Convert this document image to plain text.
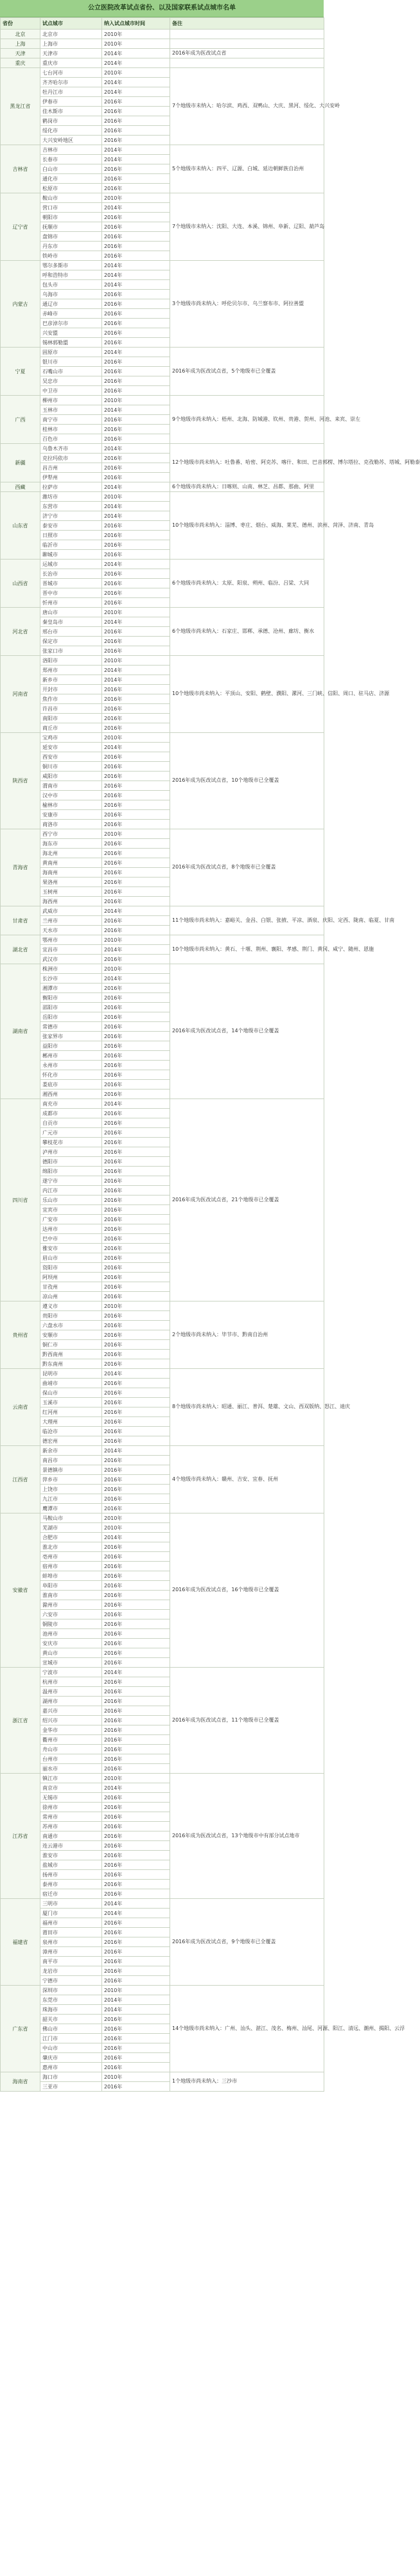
公立医院改革试点省份、以及国家联系试点城市名单
省份	试点城市	纳入试点城市时间	备注
北京	北京市	2010年	
上海	上海市	2010年	
天津	天津市	2014年	2016年成为医改试点省
重庆	重庆市	2014年	
黑龙江省	七台河市	2010年	7个地级市未纳入：哈尔滨、鸡西、双鸭山、大庆、黑河、绥化、大兴安岭
	齐齐哈尔市	2014年	
	牡丹江市	2014年	
	伊春市	2016年	
	佳木斯市	2016年	
	鹤岗市	2016年	
	绥化市	2016年	
	大兴安岭地区	2016年	
吉林省	吉林市	2014年	5个地级市未纳入：四平、辽源、白城、延边朝鲜族自治州
	长春市	2014年	
	白山市	2016年	
	通化市	2016年	
	松原市	2016年	
辽宁省	鞍山市	2010年	7个地级市未纳入：沈阳、大连、本溪、锦州、阜新、辽阳、葫芦岛
	营口市	2014年	
	朝阳市	2016年	
	抚顺市	2016年	
	盘锦市	2016年	
	丹东市	2016年	
	铁岭市	2016年	
内蒙古	鄂尔多斯市	2014年	3个地级市尚未纳入：呼伦贝尔市、乌兰察布市、阿拉善盟
	呼和浩特市	2014年	
	包头市	2014年	
	乌海市	2016年	
	通辽市	2016年	
	赤峰市	2016年	
	巴彦淖尔市	2016年	
	兴安盟	2016年	
	锡林郭勒盟	2016年	
宁夏	固原市	2014年	2016年成为医改试点省，5个地级市已全覆盖
	银川市	2016年	
	石嘴山市	2016年	
	吴忠市	2016年	
	中卫市	2016年	
广西	柳州市	2010年	9个地级市尚未纳入：梧州、北海、防城港、钦州、贵港、贺州、河池、来宾、崇左
	玉林市	2014年	
	南宁市	2016年	
	桂林市	2016年	
	百色市	2016年	
新疆	乌鲁木齐市	2014年	12个地级市尚未纳入：吐鲁番、哈密、阿克苏、喀什、和田、巴音郭楞、博尔塔拉、克孜勒苏、塔城、阿勒泰
	克拉玛依市	2016年	
	昌吉州	2016年	
	伊犁州	2016年	
西藏	拉萨市	2014年	6个地级市尚未纳入：日喀则、山南、林芝、昌都、那曲、阿里
山东省	潍坊市	2010年	10个地级市尚未纳入：淄博、枣庄、烟台、威海、莱芜、德州、滨州、菏泽、济南、青岛
	东营市	2014年	
	济宁市	2014年	
	泰安市	2016年	
	日照市	2016年	
	临沂市	2016年	
	聊城市	2016年	
山西省	运城市	2014年	6个地级市尚未纳入：太原、阳泉、朔州、临汾、吕梁、大同
	长治市	2016年	
	晋城市	2016年	
	晋中市	2016年	
	忻州市	2016年	
河北省	唐山市	2010年	6个地级市尚未纳入：石家庄、邯郸、承德、沧州、廊坊、衡水
	秦皇岛市	2014年	
	邢台市	2016年	
	保定市	2016年	
	张家口市	2016年	
河南省	洛阳市	2010年	10个地级市尚未纳入：平顶山、安阳、鹤壁、濮阳、漯河、三门峡、信阳、周口、驻马店、济源
	郑州市	2014年	
	新乡市	2014年	
	开封市	2016年	
	焦作市	2016年	
	许昌市	2016年	
	南阳市	2016年	
	商丘市	2016年	
陕西省	宝鸡市	2010年	2016年成为医改试点省，10个地级市已全覆盖
	延安市	2014年	
	西安市	2016年	
	铜川市	2016年	
	咸阳市	2016年	
	渭南市	2016年	
	汉中市	2016年	
	榆林市	2016年	
	安康市	2016年	
	商洛市	2016年	
青海省	西宁市	2010年	2016年成为医改试点省，8个地级市已全覆盖
	海东市	2016年	
	海北州	2016年	
	黄南州	2016年	
	海南州	2016年	
	果洛州	2016年	
	玉树州	2016年	
	海西州	2016年	
甘肃省	武威市	2014年	11个地级市尚未纳入：嘉峪关、金昌、白银、张掖、平凉、酒泉、庆阳、定西、陇南、临夏、甘南
	兰州市	2016年	
	天水市	2016年	
湖北省	鄂州市	2010年	10个地级市尚未纳入：黄石、十堰、荆州、襄阳、孝感、荆门、黄冈、咸宁、随州、恩施
	宜昌市	2014年	
	武汉市	2016年	
湖南省	株洲市	2010年	2016年成为医改试点省，14个地级市已全覆盖
	长沙市	2014年	
	湘潭市	2016年	
	衡阳市	2016年	
	邵阳市	2016年	
	岳阳市	2016年	
	常德市	2016年	
	张家界市	2016年	
	益阳市	2016年	
	郴州市	2016年	
	永州市	2016年	
	怀化市	2016年	
	娄底市	2016年	
	湘西州	2016年	
四川省	南充市	2014年	2016年成为医改试点省，21个地级市已全覆盖
	成都市	2016年	
	自贡市	2016年	
	广元市	2016年	
	攀枝花市	2016年	
	泸州市	2016年	
	德阳市	2016年	
	绵阳市	2016年	
	遂宁市	2016年	
	内江市	2016年	
	乐山市	2016年	
	宜宾市	2016年	
	广安市	2016年	
	达州市	2016年	
	巴中市	2016年	
	雅安市	2016年	
	眉山市	2016年	
	资阳市	2016年	
	阿坝州	2016年	
	甘孜州	2016年	
	凉山州	2016年	
贵州省	遵义市	2010年	2个地级市尚未纳入：毕节市、黔南自治州
	贵阳市	2016年	
	六盘水市	2016年	
	安顺市	2016年	
	铜仁市	2016年	
	黔西南州	2016年	
	黔东南州	2016年	
云南省	昆明市	2014年	8个地级市尚未纳入：昭通、丽江、普洱、楚雄、文山、西双版纳、怒江、迪庆
	曲靖市	2016年	
	保山市	2016年	
	玉溪市	2016年	
	红河州	2016年	
	大理州	2016年	
	临沧市	2016年	
	德宏州	2016年	
江西省	新余市	2014年	4个地级市尚未纳入：赣州、吉安、宜春、抚州
	南昌市	2016年	
	景德镇市	2016年	
	萍乡市	2016年	
	上饶市	2016年	
	九江市	2016年	
	鹰潭市	2016年	
安徽省	马鞍山市	2010年	2016年成为医改试点省，16个地级市已全覆盖
	芜湖市	2010年	
	合肥市	2014年	
	淮北市	2016年	
	亳州市	2016年	
	宿州市	2016年	
	蚌埠市	2016年	
	阜阳市	2016年	
	淮南市	2016年	
	滁州市	2016年	
	六安市	2016年	
	铜陵市	2016年	
	池州市	2016年	
	安庆市	2016年	
	黄山市	2016年	
	宣城市	2016年	
浙江省	宁波市	2014年	2016年成为医改试点省，11个地级市已全覆盖
	杭州市	2016年	
	温州市	2016年	
	湖州市	2016年	
	嘉兴市	2016年	
	绍兴市	2016年	
	金华市	2016年	
	衢州市	2016年	
	舟山市	2016年	
	台州市	2016年	
	丽水市	2016年	
江苏省	镇江市	2010年	2016年成为医改试点省，13个地级市中有部分试点地市
	南京市	2014年	
	无锡市	2016年	
	徐州市	2016年	
	常州市	2016年	
	苏州市	2016年	
	南通市	2016年	
	连云港市	2016年	
	淮安市	2016年	
	盐城市	2016年	
	扬州市	2016年	
	泰州市	2016年	
	宿迁市	2016年	
福建省	三明市	2014年	2016年成为医改试点省，9个地级市已全覆盖
	厦门市	2014年	
	福州市	2016年	
	莆田市	2016年	
	泉州市	2016年	
	漳州市	2016年	
	南平市	2016年	
	龙岩市	2016年	
	宁德市	2016年	
广东省	深圳市	2010年	14个地级市尚未纳入：广州、汕头、湛江、茂名、梅州、汕尾、河源、阳江、清远、潮州、揭阳、云浮
	东莞市	2014年	
	珠海市	2014年	
	韶关市	2016年	
	佛山市	2016年	
	江门市	2016年	
	中山市	2016年	
	肇庆市	2016年	
	惠州市	2016年	
海南省	海口市	2010年	1个地级市尚未纳入：三沙市
	三亚市	2016年	
